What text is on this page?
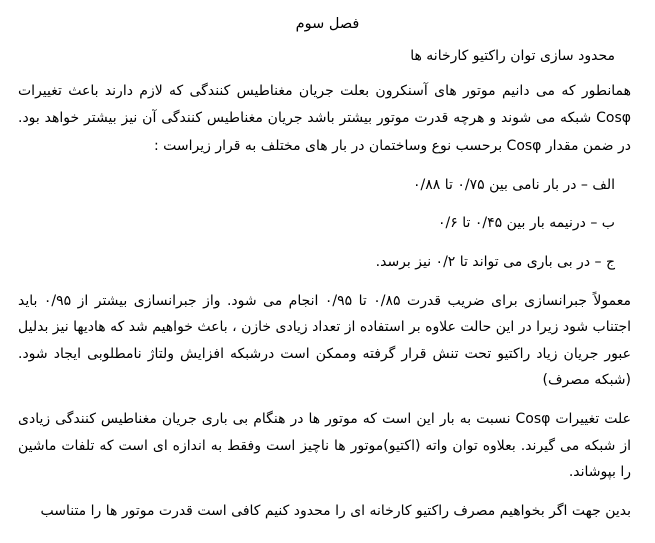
فصل سوم
محدود سازی توان راکتیو کارخانه ها
همانطور که می دانیم موتور های آسنکرون بعلت جریان مغناطیس کنندگی که لازم دارند باعث تغییرات Cosφ شبکه می شوند و هرچه قدرت موتور بیشتر باشد جریان مغناطیس کنندگی آن نیز بیشتر خواهد بود. در ضمن مقدار Cosφ برحسب نوع وساختمان در بار های مختلف به قرار زیراست :
الف – در بار نامی بین ۰/۷۵ تا ۰/۸۸
ب – درنیمه بار بین ۰/۴۵ تا ۰/۶
ج – در بی باری می تواند تا ۰/۲ نیز برسد.
معمولاً جبرانسازی برای ضریب قدرت ۰/۸۵ تا ۰/۹۵ انجام می شود. واز جبرانسازی بیشتر از ۰/۹۵ باید اجتناب شود زیرا در این حالت علاوه بر استفاده از تعداد زیادی خازن ، باعث خواهیم شد که هادیها نیز بدلیل عبور جریان زیاد راکتیو تحت تنش قرار گرفته وممکن است درشبکه افزایش ولتاژ نامطلوبی ایجاد شود.(شبکه مصرف)
علت تغییرات Cosφ نسبت به بار این است که موتور ها در هنگام بی باری جریان مغناطیس کنندگی زیادی از شبکه می گیرند. بعلاوه توان واته (اکتیو)موتور ها ناچیز است وفقط به اندازه ای است که تلفات ماشین را بپوشاند.
بدین جهت اگر بخواهیم مصرف راکتیو کارخانه ای را محدود کنیم کافی است قدرت موتور ها را متناسب
